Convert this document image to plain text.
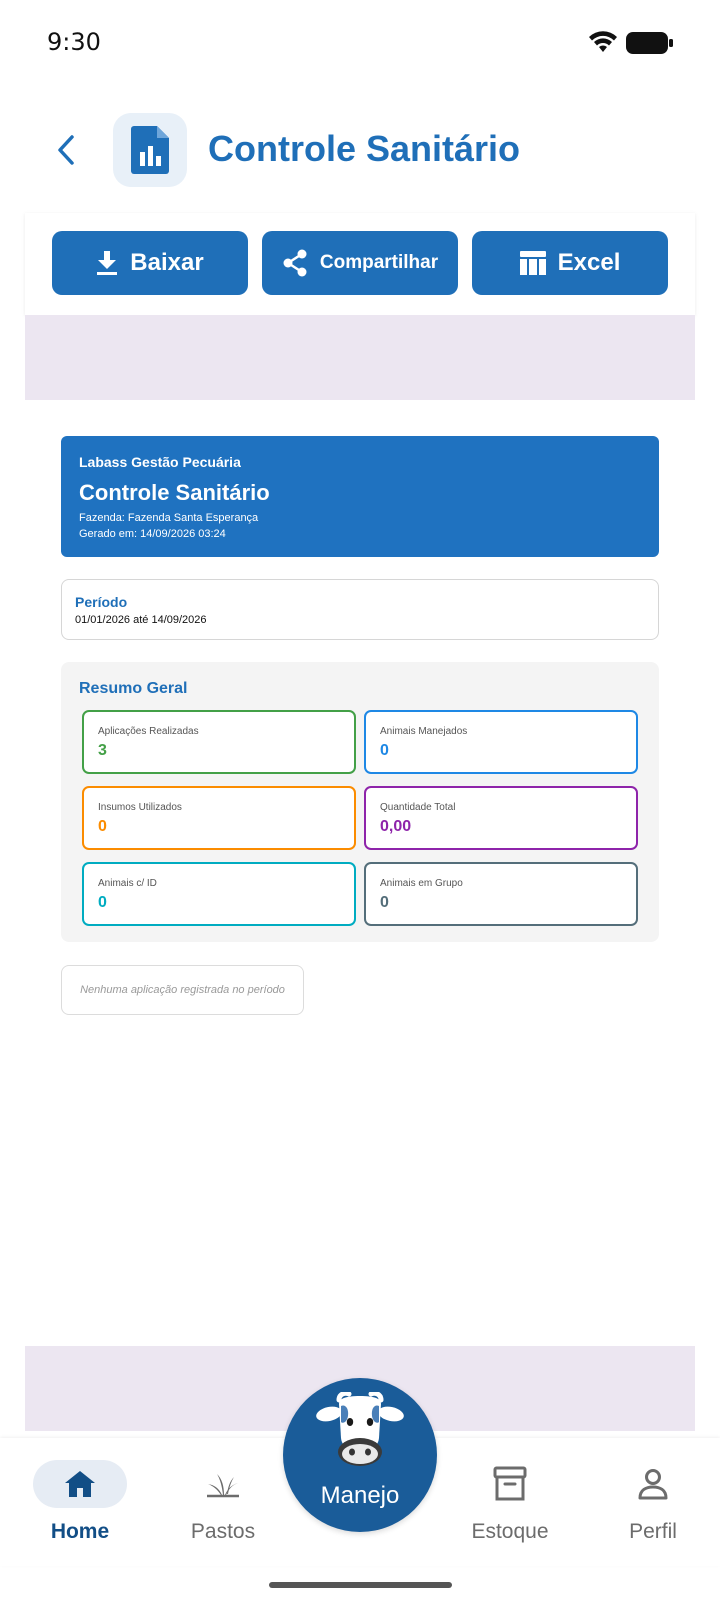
9:30
Controle Sanitário
Baixar	Compartilhar	Excel
Labass Gestão Pecuária
Controle Sanitário
Fazenda: Fazenda Santa Esperança
Gerado em: 14/09/2026 03:24
Período
01/01/2026 até 14/09/2026
Resumo Geral
Aplicações Realizadas
3
Animais Manejados
0
Insumos Utilizados
0
Quantidade Total
0,00
Animais c/ ID
0
Animais em Grupo
0
Nenhuma aplicação registrada no período
Home	Pastos	Estoque	Perfil
Manejo
